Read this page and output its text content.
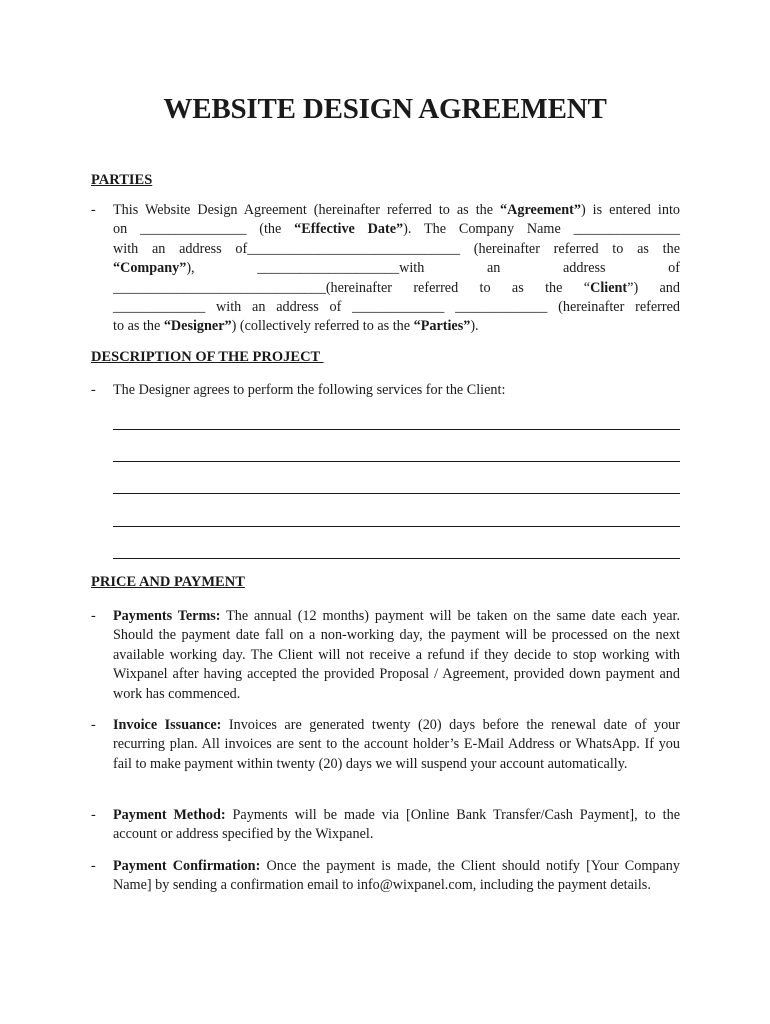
WEBSITE DESIGN AGREEMENT
PARTIES
-	This Website Design Agreement (hereinafter referred to as the “Agreement”) is entered into
on _______________ (the “Effective Date”). The Company Name _______________
with an address of______________________________ (hereinafter referred to as the
“Company”), ____________________with an address of
______________________________(hereinafter referred to as the “Client”) and
_____________ with an address of _____________ _____________ (hereinafter referred
to as the “Designer”) (collectively referred to as the “Parties”).
DESCRIPTION OF THE PROJECT
-	The Designer agrees to perform the following services for the Client:
PRICE AND PAYMENT
-	Payments Terms: The annual (12 months) payment will be taken on the same date each year. Should the payment date fall on a non-working day, the payment will be processed on the next available working day. The Client will not receive a refund if they decide to stop working with Wixpanel after having accepted the provided Proposal / Agreement, provided down payment and work has commenced.
-	Invoice Issuance: Invoices are generated twenty (20) days before the renewal date of your recurring plan. All invoices are sent to the account holder’s E-Mail Address or WhatsApp. If you fail to make payment within twenty (20) days we will suspend your account automatically.
-	Payment Method: Payments will be made via [Online Bank Transfer/Cash Payment], to the account or address specified by the Wixpanel.
-	Payment Confirmation: Once the payment is made, the Client should notify [Your Company Name] by sending a confirmation email to info@wixpanel.com, including the payment details.
